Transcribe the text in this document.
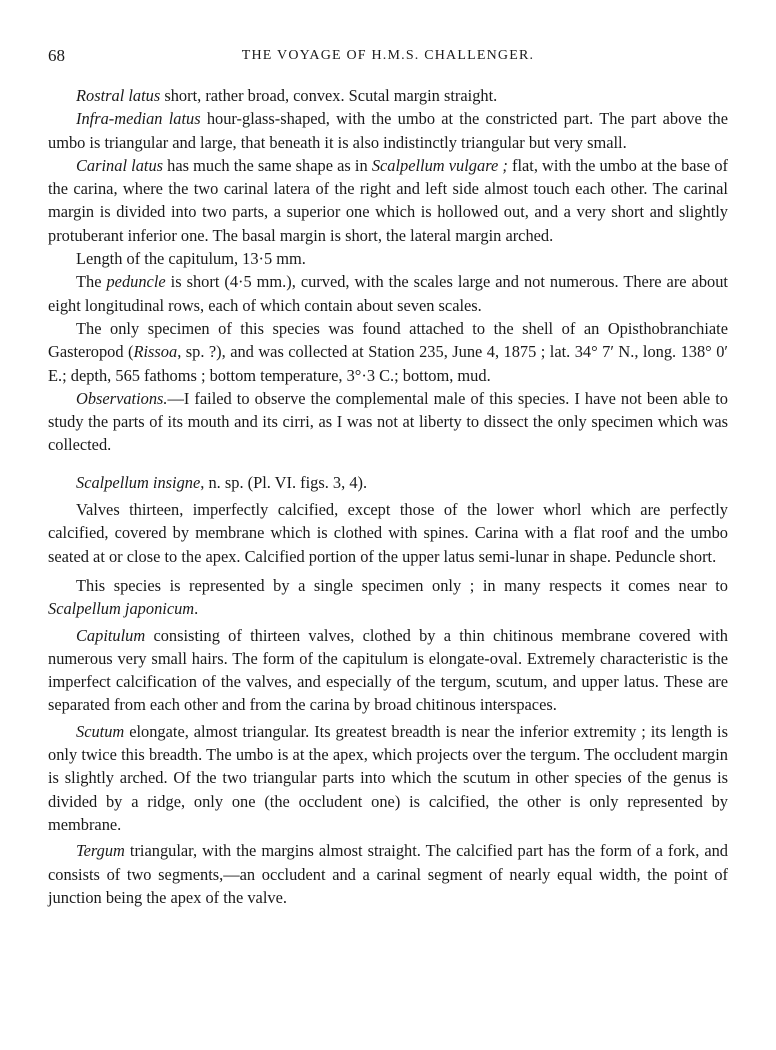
68	THE VOYAGE OF H.M.S. CHALLENGER.

Rostral latus short, rather broad, convex. Scutal margin straight.

Infra-median latus hour-glass-shaped, with the umbo at the constricted part. The part above the umbo is triangular and large, that beneath it is also indistinctly triangular but very small.

Carinal latus has much the same shape as in Scalpellum vulgare ; flat, with the umbo at the base of the carina, where the two carinal latera of the right and left side almost touch each other. The carinal margin is divided into two parts, a superior one which is hollowed out, and a very short and slightly protuberant inferior one. The basal margin is short, the lateral margin arched.

Length of the capitulum, 13·5 mm.

The peduncle is short (4·5 mm.), curved, with the scales large and not numerous. There are about eight longitudinal rows, each of which contain about seven scales.

The only specimen of this species was found attached to the shell of an Opisthobranchiate Gasteropod (Rissoa, sp. ?), and was collected at Station 235, June 4, 1875 ; lat. 34° 7′ N., long. 138° 0′ E.; depth, 565 fathoms ; bottom temperature, 3°·3 C.; bottom, mud.

Observations.—I failed to observe the complemental male of this species. I have not been able to study the parts of its mouth and its cirri, as I was not at liberty to dissect the only specimen which was collected.

Scalpellum insigne, n. sp. (Pl. VI. figs. 3, 4).

Valves thirteen, imperfectly calcified, except those of the lower whorl which are perfectly calcified, covered by membrane which is clothed with spines. Carina with a flat roof and the umbo seated at or close to the apex. Calcified portion of the upper latus semi-lunar in shape. Peduncle short.

This species is represented by a single specimen only ; in many respects it comes near to Scalpellum japonicum.

Capitulum consisting of thirteen valves, clothed by a thin chitinous membrane covered with numerous very small hairs. The form of the capitulum is elongate-oval. Extremely characteristic is the imperfect calcification of the valves, and especially of the tergum, scutum, and upper latus. These are separated from each other and from the carina by broad chitinous interspaces.

Scutum elongate, almost triangular. Its greatest breadth is near the inferior extremity ; its length is only twice this breadth. The umbo is at the apex, which projects over the tergum. The occludent margin is slightly arched. Of the two triangular parts into which the scutum in other species of the genus is divided by a ridge, only one (the occludent one) is calcified, the other is only represented by membrane.

Tergum triangular, with the margins almost straight. The calcified part has the form of a fork, and consists of two segments,—an occludent and a carinal segment of nearly equal width, the point of junction being the apex of the valve.
